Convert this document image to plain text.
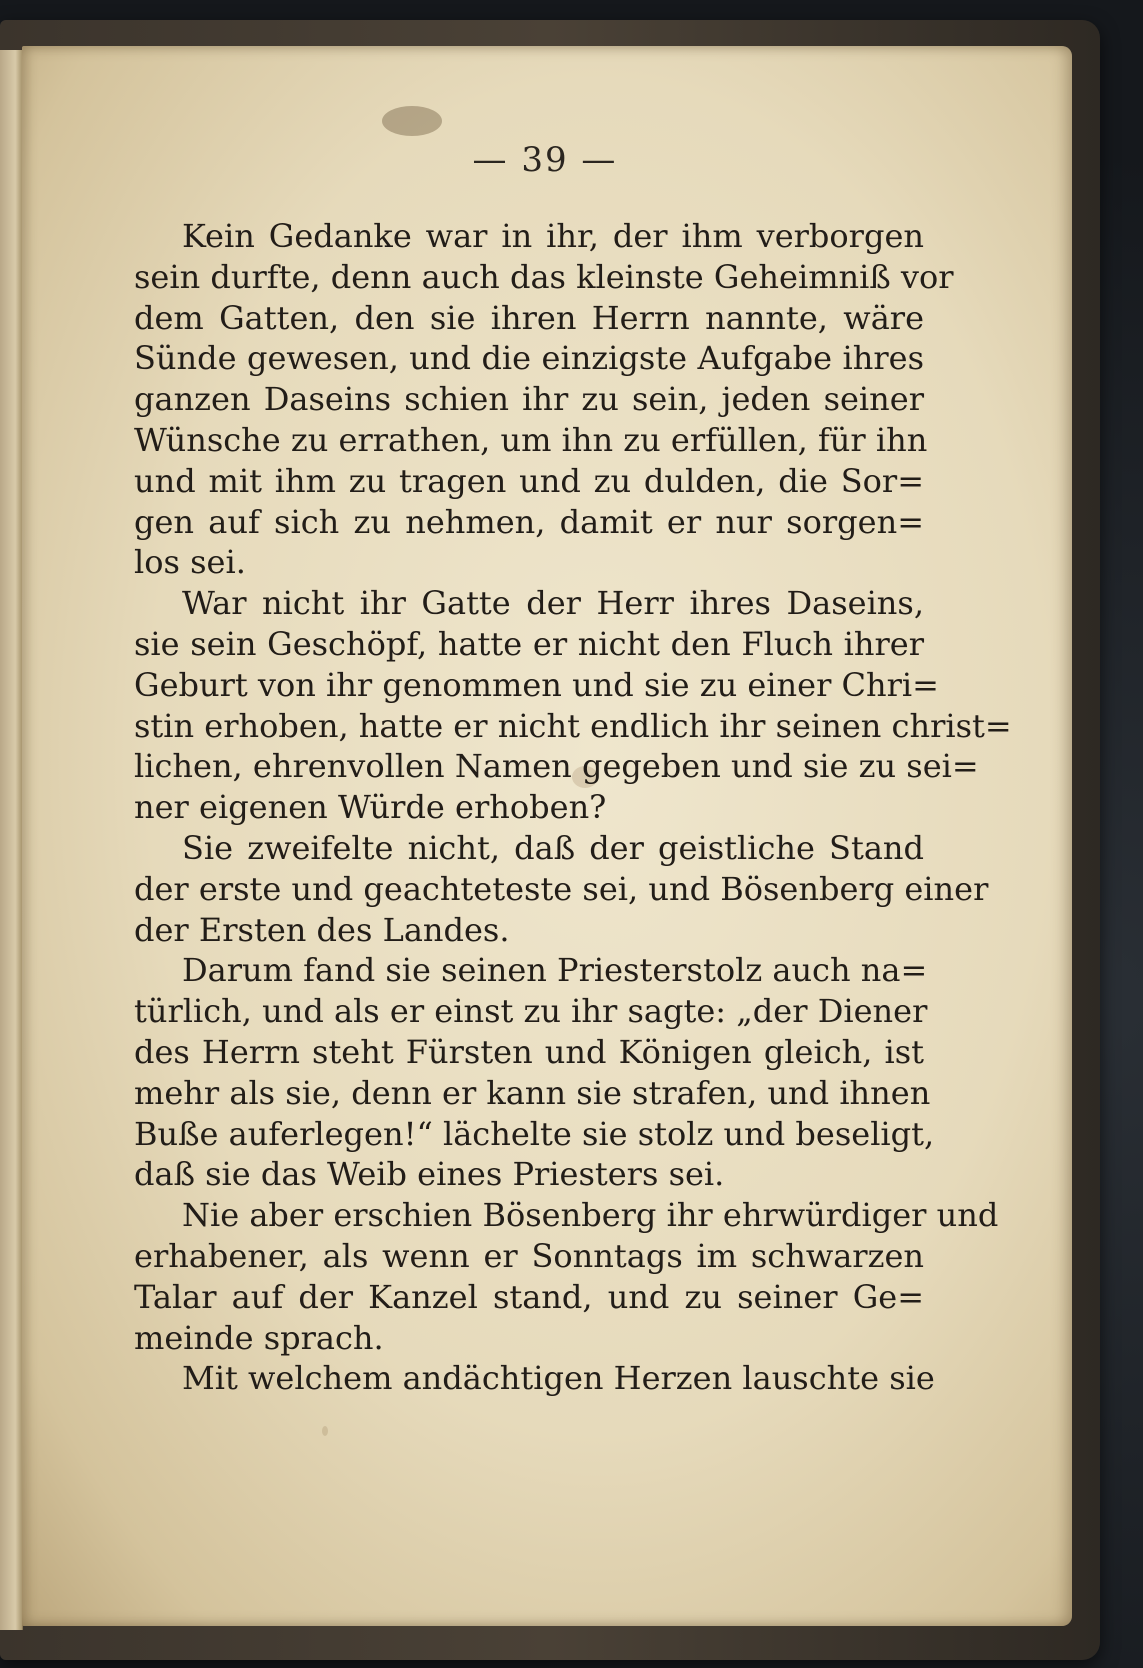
— 39 —
Kein Gedanke war in ihr, der ihm verborgen
sein durfte, denn auch das kleinste Geheimniß vor
dem Gatten, den sie ihren Herrn nannte, wäre
Sünde gewesen, und die einzigste Aufgabe ihres
ganzen Daseins schien ihr zu sein, jeden seiner
Wünsche zu errathen, um ihn zu erfüllen, für ihn
und mit ihm zu tragen und zu dulden, die Sor=
gen auf sich zu nehmen, damit er nur sorgen=
los sei.
War nicht ihr Gatte der Herr ihres Daseins,
sie sein Geschöpf, hatte er nicht den Fluch ihrer
Geburt von ihr genommen und sie zu einer Chri=
stin erhoben, hatte er nicht endlich ihr seinen christ=
lichen, ehrenvollen Namen gegeben und sie zu sei=
ner eigenen Würde erhoben?
Sie zweifelte nicht, daß der geistliche Stand
der erste und geachteteste sei, und Bösenberg einer
der Ersten des Landes.
Darum fand sie seinen Priesterstolz auch na=
türlich, und als er einst zu ihr sagte: „der Diener
des Herrn steht Fürsten und Königen gleich, ist
mehr als sie, denn er kann sie strafen, und ihnen
Buße auferlegen!“ lächelte sie stolz und beseligt,
daß sie das Weib eines Priesters sei.
Nie aber erschien Bösenberg ihr ehrwürdiger und
erhabener, als wenn er Sonntags im schwarzen
Talar auf der Kanzel stand, und zu seiner Ge=
meinde sprach.
Mit welchem andächtigen Herzen lauschte sie
